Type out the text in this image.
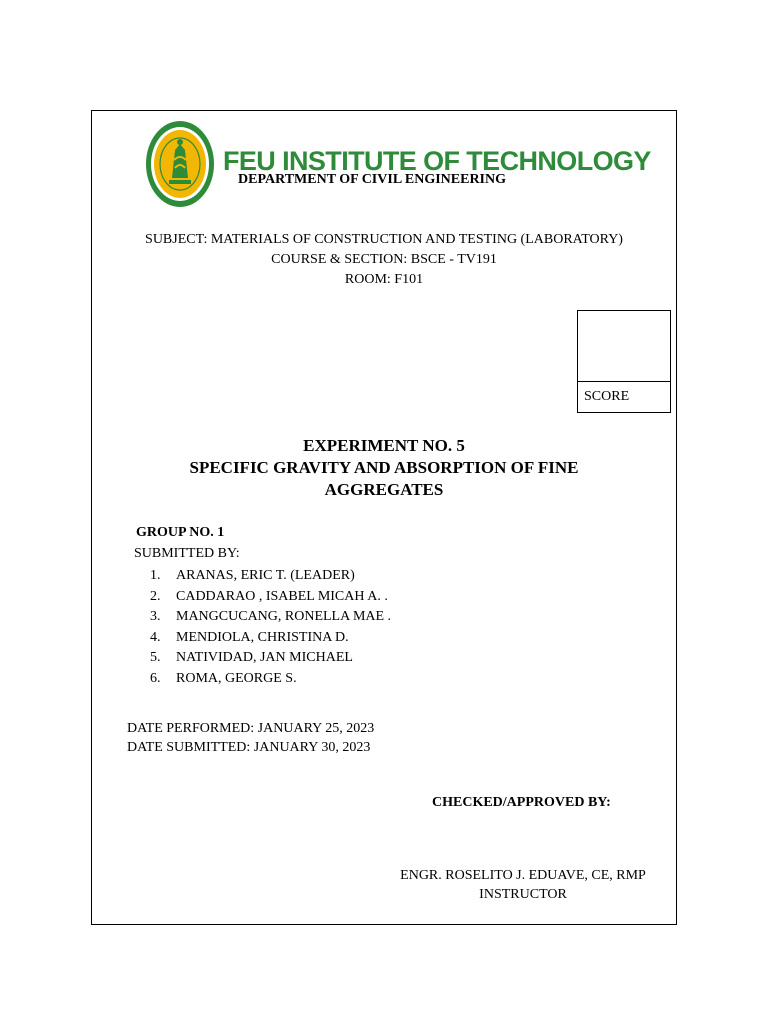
FEU INSTITUTE OF TECHNOLOGY
DEPARTMENT OF CIVIL ENGINEERING
SUBJECT: MATERIALS OF CONSTRUCTION AND TESTING (LABORATORY)
COURSE & SECTION: BSCE - TV191
ROOM: F101
SCORE
EXPERIMENT NO. 5
SPECIFIC GRAVITY AND ABSORPTION OF FINE AGGREGATES
GROUP NO. 1
SUBMITTED BY:
1. ARANAS, ERIC T. (LEADER)
2. CADDARAO , ISABEL MICAH A. .
3. MANGCUCANG, RONELLA MAE .
4. MENDIOLA, CHRISTINA D.
5. NATIVIDAD, JAN MICHAEL
6. ROMA, GEORGE S.
DATE PERFORMED: JANUARY 25, 2023
DATE SUBMITTED: JANUARY 30, 2023
CHECKED/APPROVED BY:
ENGR. ROSELITO J. EDUAVE, CE, RMP
INSTRUCTOR
